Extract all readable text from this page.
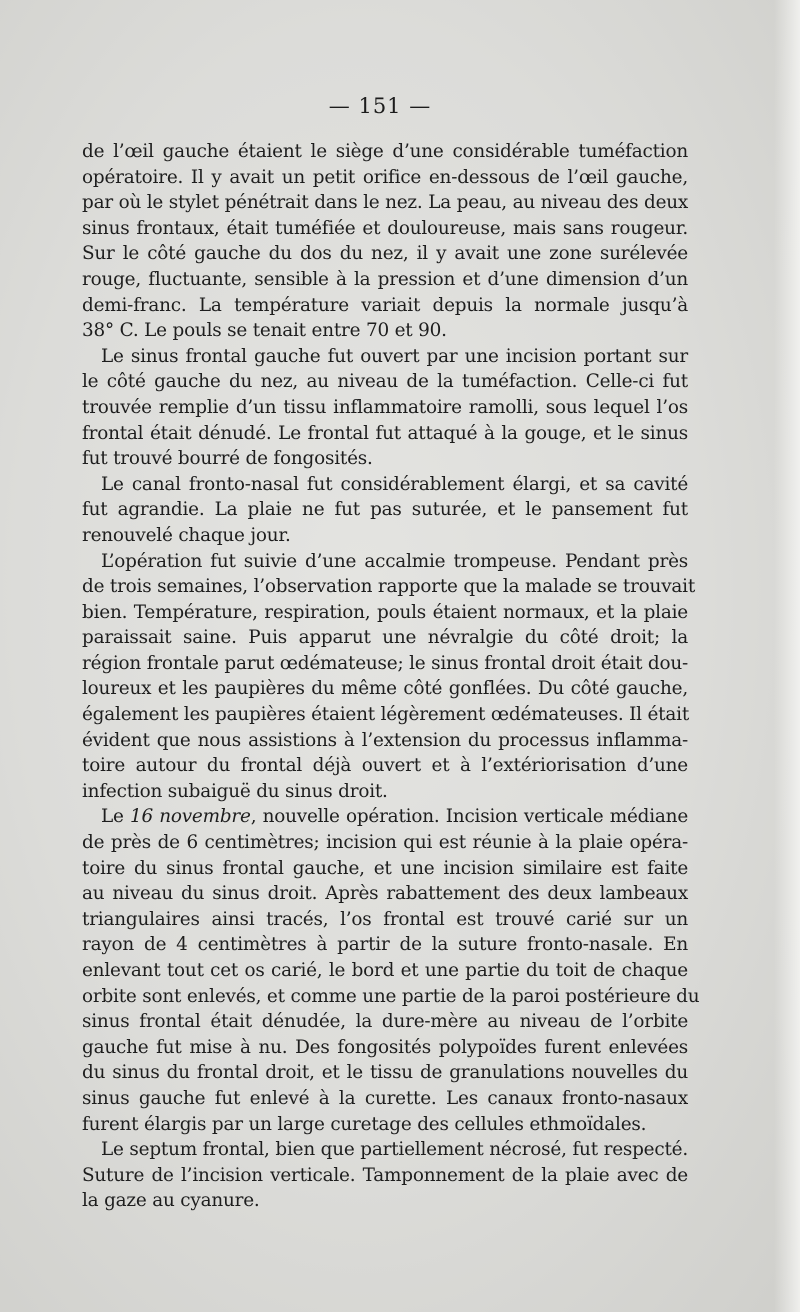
— 151 —
de l’œil gauche étaient le siège d’une considérable tuméfaction
opératoire. Il y avait un petit orifice en-dessous de l’œil gauche,
par où le stylet pénétrait dans le nez. La peau, au niveau des deux
sinus frontaux, était tuméfiée et douloureuse, mais sans rougeur.
Sur le côté gauche du dos du nez, il y avait une zone surélevée
rouge, fluctuante, sensible à la pression et d’une dimension d’un
demi-franc. La température variait depuis la normale jusqu’à
38° C. Le pouls se tenait entre 70 et 90.
Le sinus frontal gauche fut ouvert par une incision portant sur
le côté gauche du nez, au niveau de la tuméfaction. Celle-ci fut
trouvée remplie d’un tissu inflammatoire ramolli, sous lequel l’os
frontal était dénudé. Le frontal fut attaqué à la gouge, et le sinus
fut trouvé bourré de fongosités.
Le canal fronto-nasal fut considérablement élargi, et sa cavité
fut agrandie. La plaie ne fut pas suturée, et le pansement fut
renouvelé chaque jour.
L’opération fut suivie d’une accalmie trompeuse. Pendant près
de trois semaines, l’observation rapporte que la malade se trouvait
bien. Température, respiration, pouls étaient normaux, et la plaie
paraissait saine. Puis apparut une névralgie du côté droit; la
région frontale parut œdémateuse; le sinus frontal droit était dou-
loureux et les paupières du même côté gonflées. Du côté gauche,
également les paupières étaient légèrement œdémateuses. Il était
évident que nous assistions à l’extension du processus inflamma-
toire autour du frontal déjà ouvert et à l’extériorisation d’une
infection subaiguë du sinus droit.
Le 16 novembre, nouvelle opération. Incision verticale médiane
de près de 6 centimètres; incision qui est réunie à la plaie opéra-
toire du sinus frontal gauche, et une incision similaire est faite
au niveau du sinus droit. Après rabattement des deux lambeaux
triangulaires ainsi tracés, l’os frontal est trouvé carié sur un
rayon de 4 centimètres à partir de la suture fronto-nasale. En
enlevant tout cet os carié, le bord et une partie du toit de chaque
orbite sont enlevés, et comme une partie de la paroi postérieure du
sinus frontal était dénudée, la dure-mère au niveau de l’orbite
gauche fut mise à nu. Des fongosités polypoïdes furent enlevées
du sinus du frontal droit, et le tissu de granulations nouvelles du
sinus gauche fut enlevé à la curette. Les canaux fronto-nasaux
furent élargis par un large curetage des cellules ethmoïdales.
Le septum frontal, bien que partiellement nécrosé, fut respecté.
Suture de l’incision verticale. Tamponnement de la plaie avec de
la gaze au cyanure.
